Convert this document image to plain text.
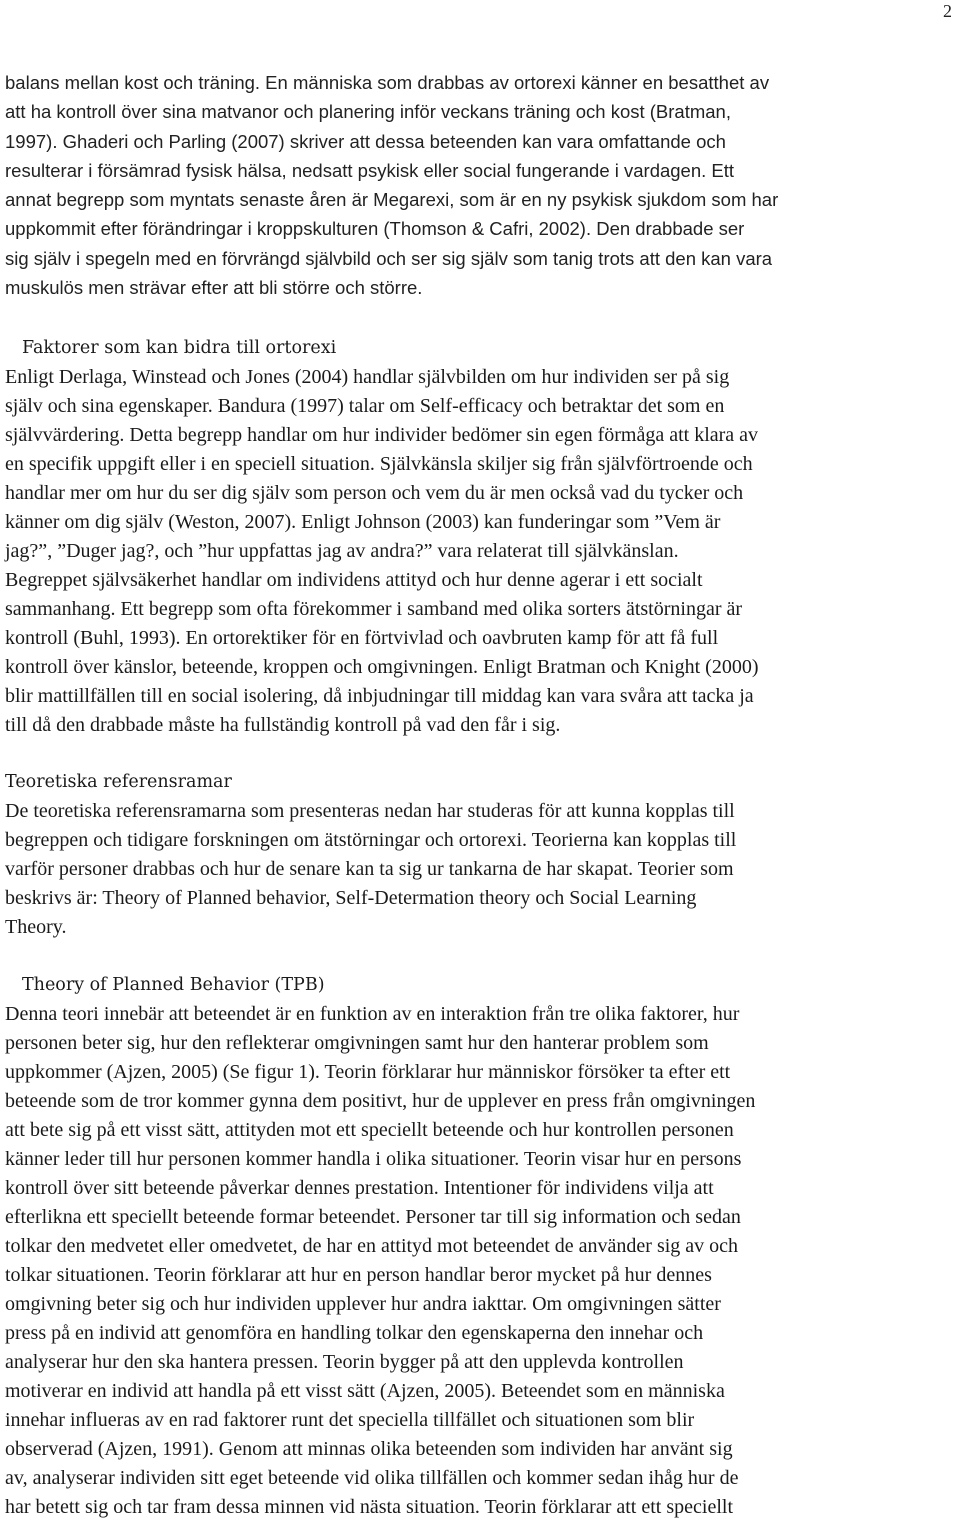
2

balans mellan kost och träning. En människa som drabbas av ortorexi känner en besatthet av
att ha kontroll över sina matvanor och planering inför veckans träning och kost (Bratman,
1997). Ghaderi och Parling (2007) skriver att dessa beteenden kan vara omfattande och
resulterar i försämrad fysisk hälsa, nedsatt psykisk eller social fungerande i vardagen. Ett
annat begrepp som myntats senaste åren är Megarexi, som är en ny psykisk sjukdom som har
uppkommit efter förändringar i kroppskulturen (Thomson & Cafri, 2002). Den drabbade ser
sig själv i spegeln med en förvrängd självbild och ser sig själv som tanig trots att den kan vara
muskulös men strävar efter att bli större och större.

Faktorer som kan bidra till ortorexi

Enligt Derlaga, Winstead och Jones (2004) handlar självbilden om hur individen ser på sig
själv och sina egenskaper. Bandura (1997) talar om Self-efficacy och betraktar det som en
självvärdering. Detta begrepp handlar om hur individer bedömer sin egen förmåga att klara av
en specifik uppgift eller i en speciell situation. Självkänsla skiljer sig från självförtroende och
handlar mer om hur du ser dig själv som person och vem du är men också vad du tycker och
känner om dig själv (Weston, 2007). Enligt Johnson (2003) kan funderingar som ”Vem är
jag?”, ”Duger jag?, och ”hur uppfattas jag av andra?” vara relaterat till självkänslan.
Begreppet självsäkerhet handlar om individens attityd och hur denne agerar i ett socialt
sammanhang. Ett begrepp som ofta förekommer i samband med olika sorters ätstörningar är
kontroll (Buhl, 1993). En ortorektiker för en förtvivlad och oavbruten kamp för att få full
kontroll över känslor, beteende, kroppen och omgivningen. Enligt Bratman och Knight (2000)
blir mattillfällen till en social isolering, då inbjudningar till middag kan vara svåra att tacka ja
till då den drabbade måste ha fullständig kontroll på vad den får i sig.

Teoretiska referensramar

De teoretiska referensramarna som presenteras nedan har studeras för att kunna kopplas till
begreppen och tidigare forskningen om ätstörningar och ortorexi. Teorierna kan kopplas till
varför personer drabbas och hur de senare kan ta sig ur tankarna de har skapat. Teorier som
beskrivs är: Theory of Planned behavior, Self-Determation theory och Social Learning
Theory.

Theory of Planned Behavior (TPB)

Denna teori innebär att beteendet är en funktion av en interaktion från tre olika faktorer, hur
personen beter sig, hur den reflekterar omgivningen samt hur den hanterar problem som
uppkommer (Ajzen, 2005) (Se figur 1). Teorin förklarar hur människor försöker ta efter ett
beteende som de tror kommer gynna dem positivt, hur de upplever en press från omgivningen
att bete sig på ett visst sätt, attityden mot ett speciellt beteende och hur kontrollen personen
känner leder till hur personen kommer handla i olika situationer. Teorin visar hur en persons
kontroll över sitt beteende påverkar dennes prestation. Intentioner för individens vilja att
efterlikna ett speciellt beteende formar beteendet. Personer tar till sig information och sedan
tolkar den medvetet eller omedvetet, de har en attityd mot beteendet de använder sig av och
tolkar situationen. Teorin förklarar att hur en person handlar beror mycket på hur dennes
omgivning beter sig och hur individen upplever hur andra iakttar. Om omgivningen sätter
press på en individ att genomföra en handling tolkar den egenskaperna den innehar och
analyserar hur den ska hantera pressen. Teorin bygger på att den upplevda kontrollen
motiverar en individ att handla på ett visst sätt (Ajzen, 2005). Beteendet som en människa
innehar influeras av en rad faktorer runt det speciella tillfället och situationen som blir
observerad (Ajzen, 1991). Genom att minnas olika beteenden som individen har använt sig
av, analyserar individen sitt eget beteende vid olika tillfällen och kommer sedan ihåg hur de
har betett sig och tar fram dessa minnen vid nästa situation. Teorin förklarar att ett speciellt
